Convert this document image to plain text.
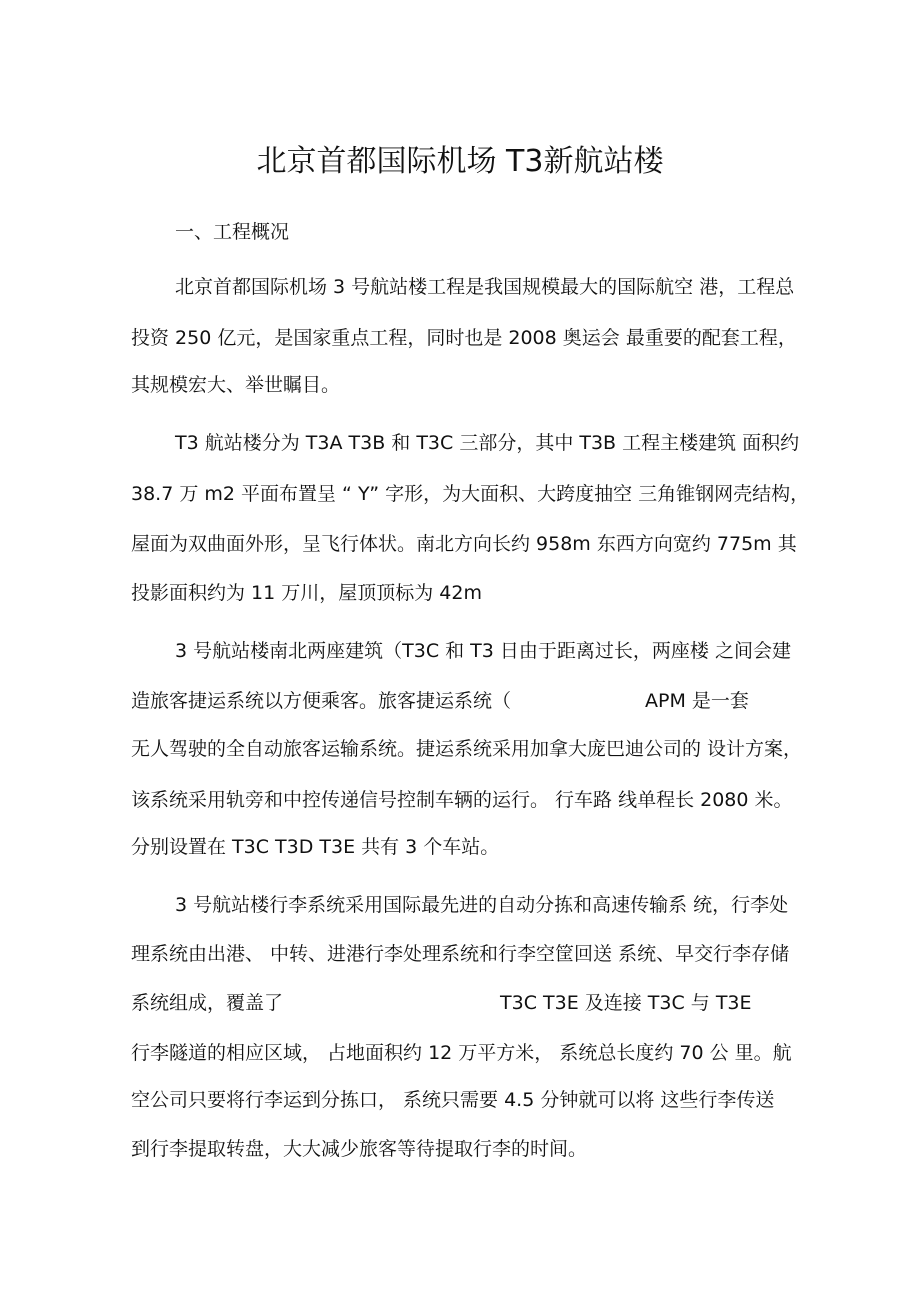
北京首都国际机场 T3新航站楼
一、工程概况
北京首都国际机场 3 号航站楼工程是我国规模最大的国际航空 港，工程总
投资 250 亿元，是国家重点工程，同时也是 2008 奥运会 最重要的配套工程，
其规模宏大、举世瞩目。
T3 航站楼分为 T3A T3B 和 T3C 三部分，其中 T3B 工程主楼建筑 面积约
38.7 万 m2 平面布置呈 “ Y” 字形，为大面积、大跨度抽空 三角锥钢网壳结构，
屋面为双曲面外形，呈飞行体状。南北方向长约 958m 东西方向宽约 775m 其
投影面积约为 11 万川，屋顶顶标为 42m
3 号航站楼南北两座建筑（T3C 和 T3 日由于距离过长，两座楼 之间会建
造旅客捷运系统以方便乘客。旅客捷运系统（	APM 是一套
无人驾驶的全自动旅客运输系统。捷运系统采用加拿大庞巴迪公司的 设计方案，
该系统采用轨旁和中控传递信号控制车辆的运行。 行车路 线单程长 2080 米。
分别设置在 T3C T3D T3E 共有 3 个车站。
3 号航站楼行李系统采用国际最先进的自动分拣和高速传输系 统，行李处
理系统由出港、 中转、进港行李处理系统和行李空筐回送 系统、早交行李存储
系统组成，覆盖了	T3C T3E 及连接 T3C 与 T3E
行李隧道的相应区域， 占地面积约 12 万平方米， 系统总长度约 70 公 里。航
空公司只要将行李运到分拣口， 系统只需要 4.5 分钟就可以将 这些行李传送
到行李提取转盘，大大减少旅客等待提取行李的时间。
